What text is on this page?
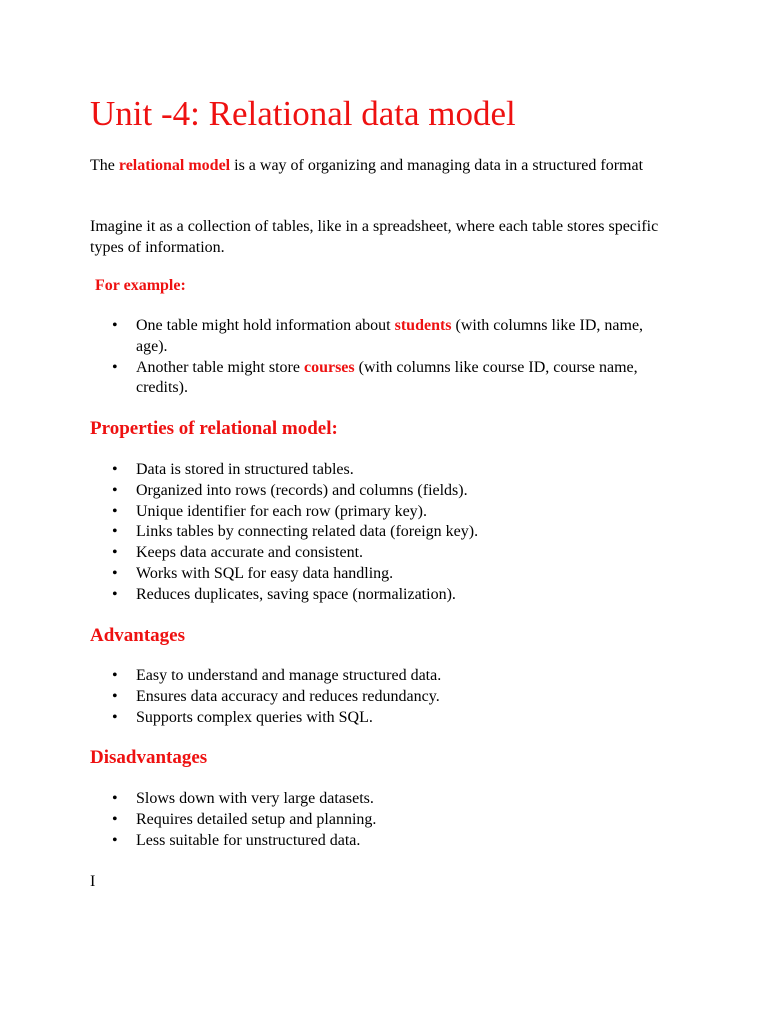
Unit -4: Relational data model

The relational model is a way of organizing and managing data in a structured format

Imagine it as a collection of tables, like in a spreadsheet, where each table stores specific types of information.

For example:

• One table might hold information about students (with columns like ID, name, age).
• Another table might store courses (with columns like course ID, course name, credits).
Properties of relational model:
• Data is stored in structured tables.
• Organized into rows (records) and columns (fields).
• Unique identifier for each row (primary key).
• Links tables by connecting related data (foreign key).
• Keeps data accurate and consistent.
• Works with SQL for easy data handling.
• Reduces duplicates, saving space (normalization).
Advantages
• Easy to understand and manage structured data.
• Ensures data accuracy and reduces redundancy.
• Supports complex queries with SQL.
Disadvantages
• Slows down with very large datasets.
• Requires detailed setup and planning.
• Less suitable for unstructured data.

I
